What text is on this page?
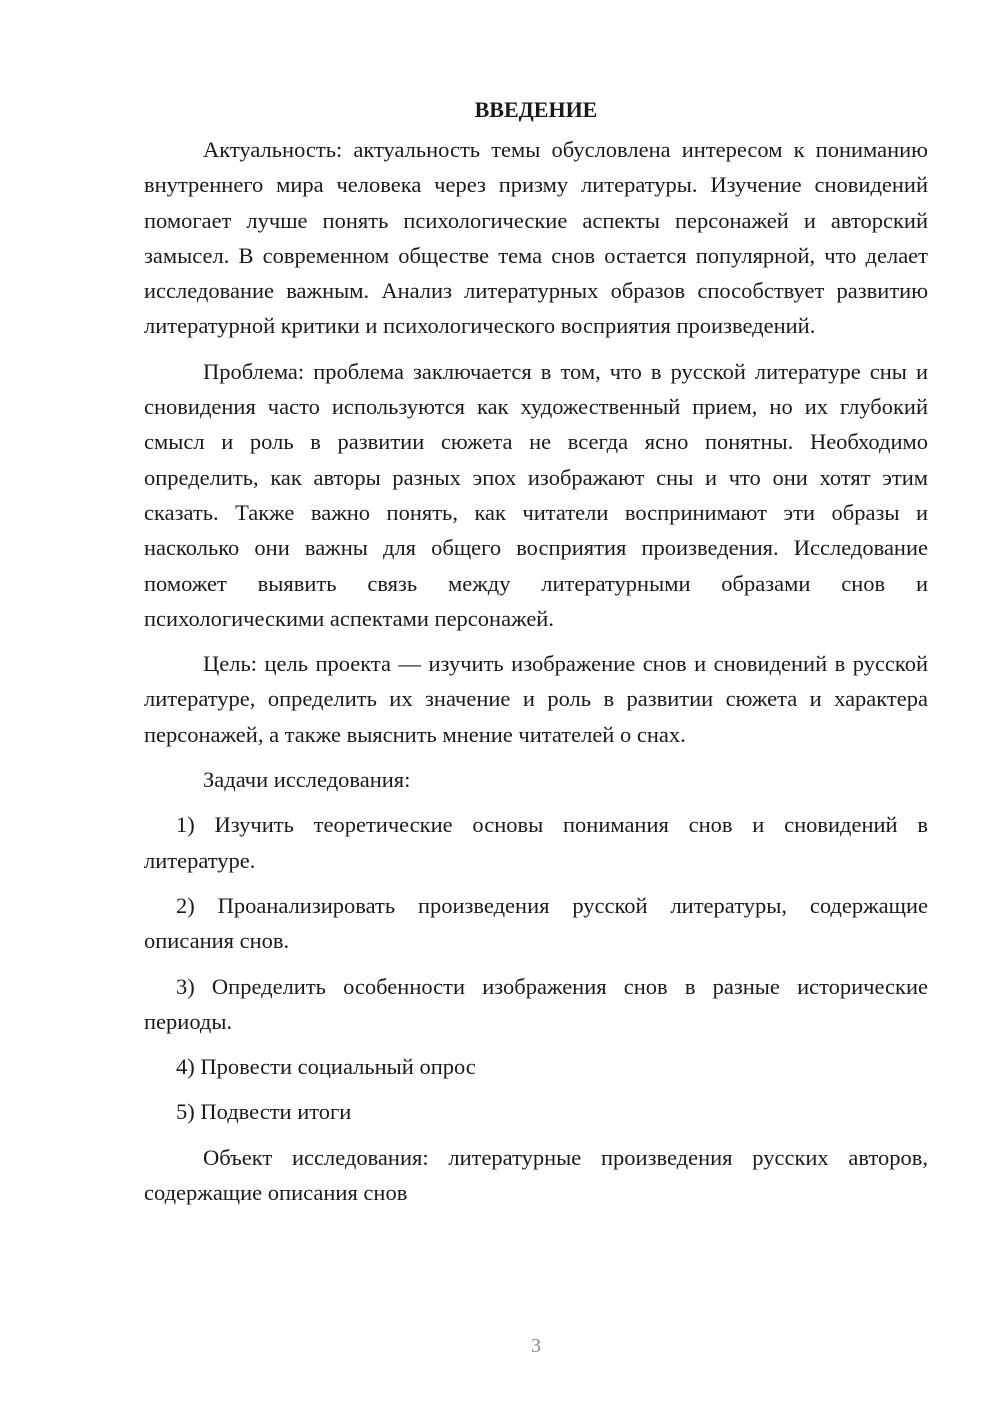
ВВЕДЕНИЕ

Актуальность: актуальность темы обусловлена интересом к пониманию внутреннего мира человека через призму литературы. Изучение сновидений помогает лучше понять психологические аспекты персонажей и авторский замысел. В современном обществе тема снов остается популярной, что делает исследование важным. Анализ литературных образов способствует развитию литературной критики и психологического восприятия произведений.

Проблема: проблема заключается в том, что в русской литературе сны и сновидения часто используются как художественный прием, но их глубокий смысл и роль в развитии сюжета не всегда ясно понятны. Необходимо определить, как авторы разных эпох изображают сны и что они хотят этим сказать. Также важно понять, как читатели воспринимают эти образы и насколько они важны для общего восприятия произведения. Исследование поможет выявить связь между литературными образами снов и психологическими аспектами персонажей.

Цель: цель проекта — изучить изображение снов и сновидений в русской литературе, определить их значение и роль в развитии сюжета и характера персонажей, а также выяснить мнение читателей о снах.

Задачи исследования:

1) Изучить теоретические основы понимания снов и сновидений в литературе.

2) Проанализировать произведения русской литературы, содержащие описания снов.

3) Определить особенности изображения снов в разные исторические периоды.

4) Провести социальный опрос

5) Подвести итоги

Объект исследования: литературные произведения русских авторов, содержащие описания снов

3
